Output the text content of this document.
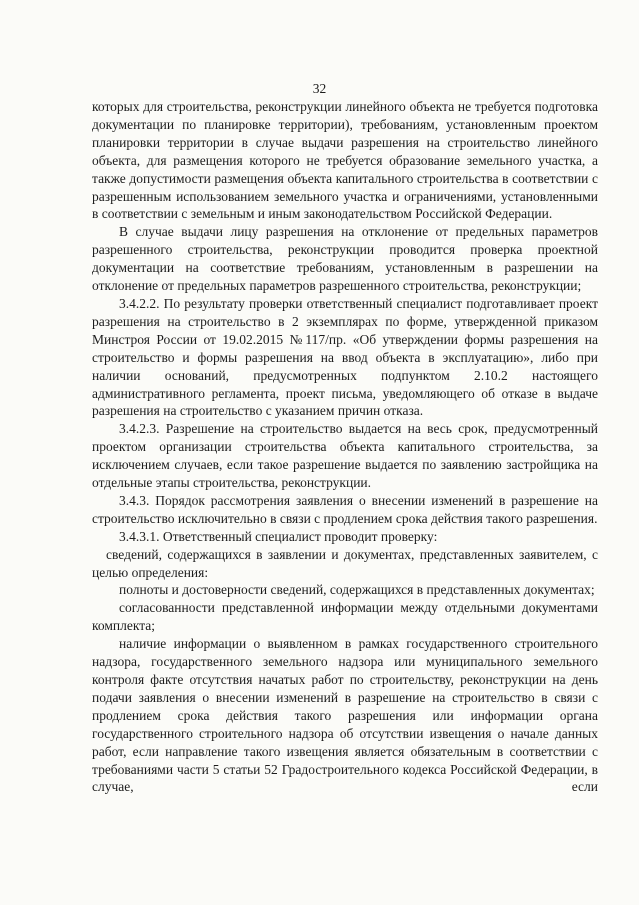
32

которых для строительства, реконструкции линейного объекта не требуется подготовка документации по планировке территории), требованиям, установленным проектом планировки территории в случае выдачи разрешения на строительство линейного объекта, для размещения которого не требуется образование земельного участка, а также допустимости размещения объекта капитального строительства в соответствии с разрешенным использованием земельного участка и ограничениями, установленными в соответствии с земельным и иным законодательством Российской Федерации.

В случае выдачи лицу разрешения на отклонение от предельных параметров разрешенного строительства, реконструкции проводится проверка проектной документации на соответствие требованиям, установленным в разрешении на отклонение от предельных параметров разрешенного строительства, реконструкции;

3.4.2.2. По результату проверки ответственный специалист подготавливает проект разрешения на строительство в 2 экземплярах по форме, утвержденной приказом Минстроя России от 19.02.2015 №117/пр. «Об утверждении формы разрешения на строительство и формы разрешения на ввод объекта в эксплуатацию», либо при наличии оснований, предусмотренных подпунктом 2.10.2 настоящего административного регламента, проект письма, уведомляющего об отказе в выдаче разрешения на строительство с указанием причин отказа.

3.4.2.3. Разрешение на строительство выдается на весь срок, предусмотренный проектом организации строительства объекта капитального строительства, за исключением случаев, если такое разрешение выдается по заявлению застройщика на отдельные этапы строительства, реконструкции.

3.4.3. Порядок рассмотрения заявления о внесении изменений в разрешение на строительство исключительно в связи с продлением срока действия такого разрешения.

3.4.3.1. Ответственный специалист проводит проверку:

сведений, содержащихся в заявлении и документах, представленных заявителем, с целью определения:

полноты и достоверности сведений, содержащихся в представленных документах;

согласованности представленной информации между отдельными документами комплекта;

наличие информации о выявленном в рамках государственного строительного надзора, государственного земельного надзора или муниципального земельного контроля факте отсутствия начатых работ по строительству, реконструкции на день подачи заявления о внесении изменений в разрешение на строительство в связи с продлением срока действия такого разрешения или информации органа государственного строительного надзора об отсутствии извещения о начале данных работ, если направление такого извещения является обязательным в соответствии с требованиями части 5 статьи 52 Градостроительного кодекса Российской Федерации, в случае, если
